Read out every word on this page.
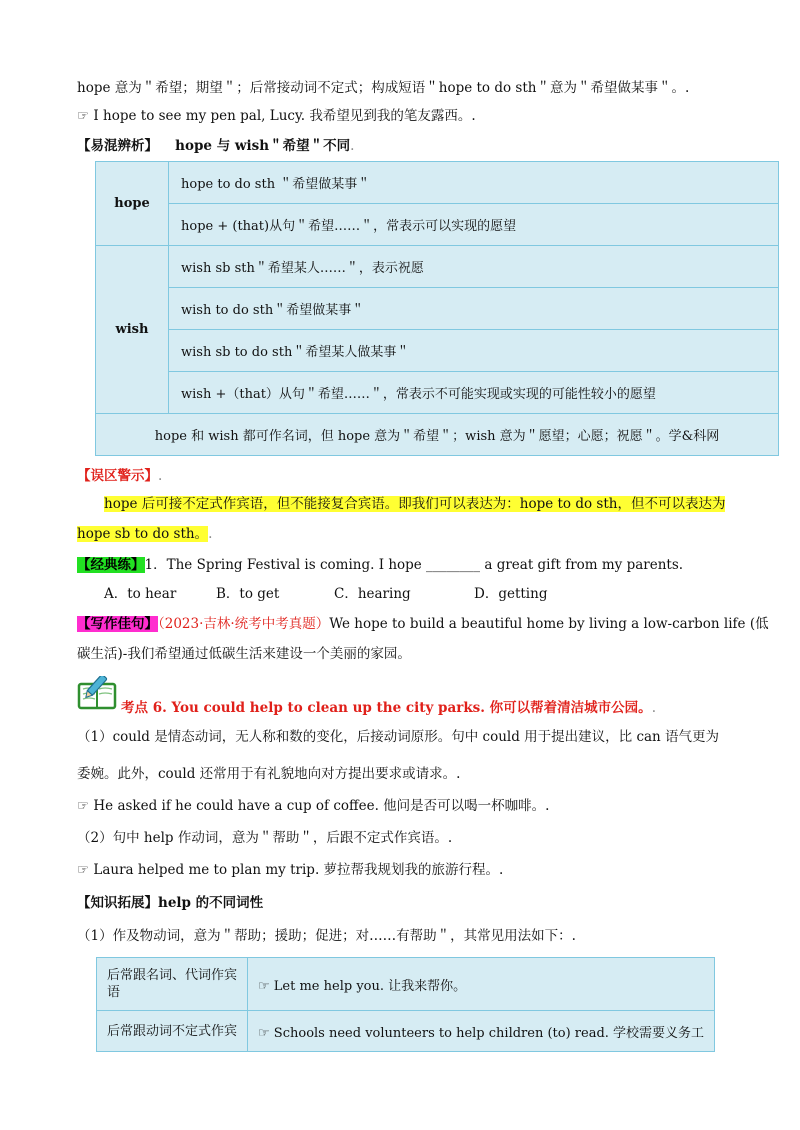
hope 意为＂希望；期望＂；后常接动词不定式；构成短语＂hope to do sth＂意为＂希望做某事＂。.
☞ I hope to see my pen pal, Lucy. 我希望见到我的笔友露西。.
【易混辨析】 hope 与 wish＂希望＂不同.
hope	hope to do sth ＂希望做某事＂
	hope + (that)从句＂希望……＂，常表示可以实现的愿望
wish	wish sb sth＂希望某人……＂，表示祝愿
	wish to do sth＂希望做某事＂
	wish sb to do sth＂希望某人做某事＂
	wish +（that）从句＂希望……＂，常表示不可能实现或实现的可能性较小的愿望
hope 和 wish 都可作名词，但 hope 意为＂希望＂；wish 意为＂愿望；心愿；祝愿＂。学&科网	
【误区警示】.
hope 后可接不定式作宾语，但不能接复合宾语。即我们可以表达为：hope to do sth，但不可以表达为
hope sb to do sth。.
【经典练】1．The Spring Festival is coming. I hope ________ a great gift from my parents.
A．to hear	B．to get	C．hearing	D．getting
【写作佳句】（2023·吉林·统考中考真题）We hope to build a beautiful home by living a low-carbon life (低
碳生活)-我们希望通过低碳生活来建设一个美丽的家园。
考点 6. You could help to clean up the city parks. 你可以帮着清洁城市公园。.
（1）could 是情态动词，无人称和数的变化，后接动词原形。句中 could 用于提出建议，比 can 语气更为
委婉。此外，could 还常用于有礼貌地向对方提出要求或请求。.
☞ He asked if he could have a cup of coffee. 他问是否可以喝一杯咖啡。.
（2）句中 help 作动词，意为＂帮助＂，后跟不定式作宾语。.
☞ Laura helped me to plan my trip. 萝拉帮我规划我的旅游行程。.
【知识拓展】help 的不同词性
（1）作及物动词，意为＂帮助；援助；促进；对……有帮助＂，其常见用法如下：.
后常跟名词、代词作宾语	☞ Let me help you. 让我来帮你。
后常跟动词不定式作宾	☞ Schools need volunteers to help children (to) read. 学校需要义务工
